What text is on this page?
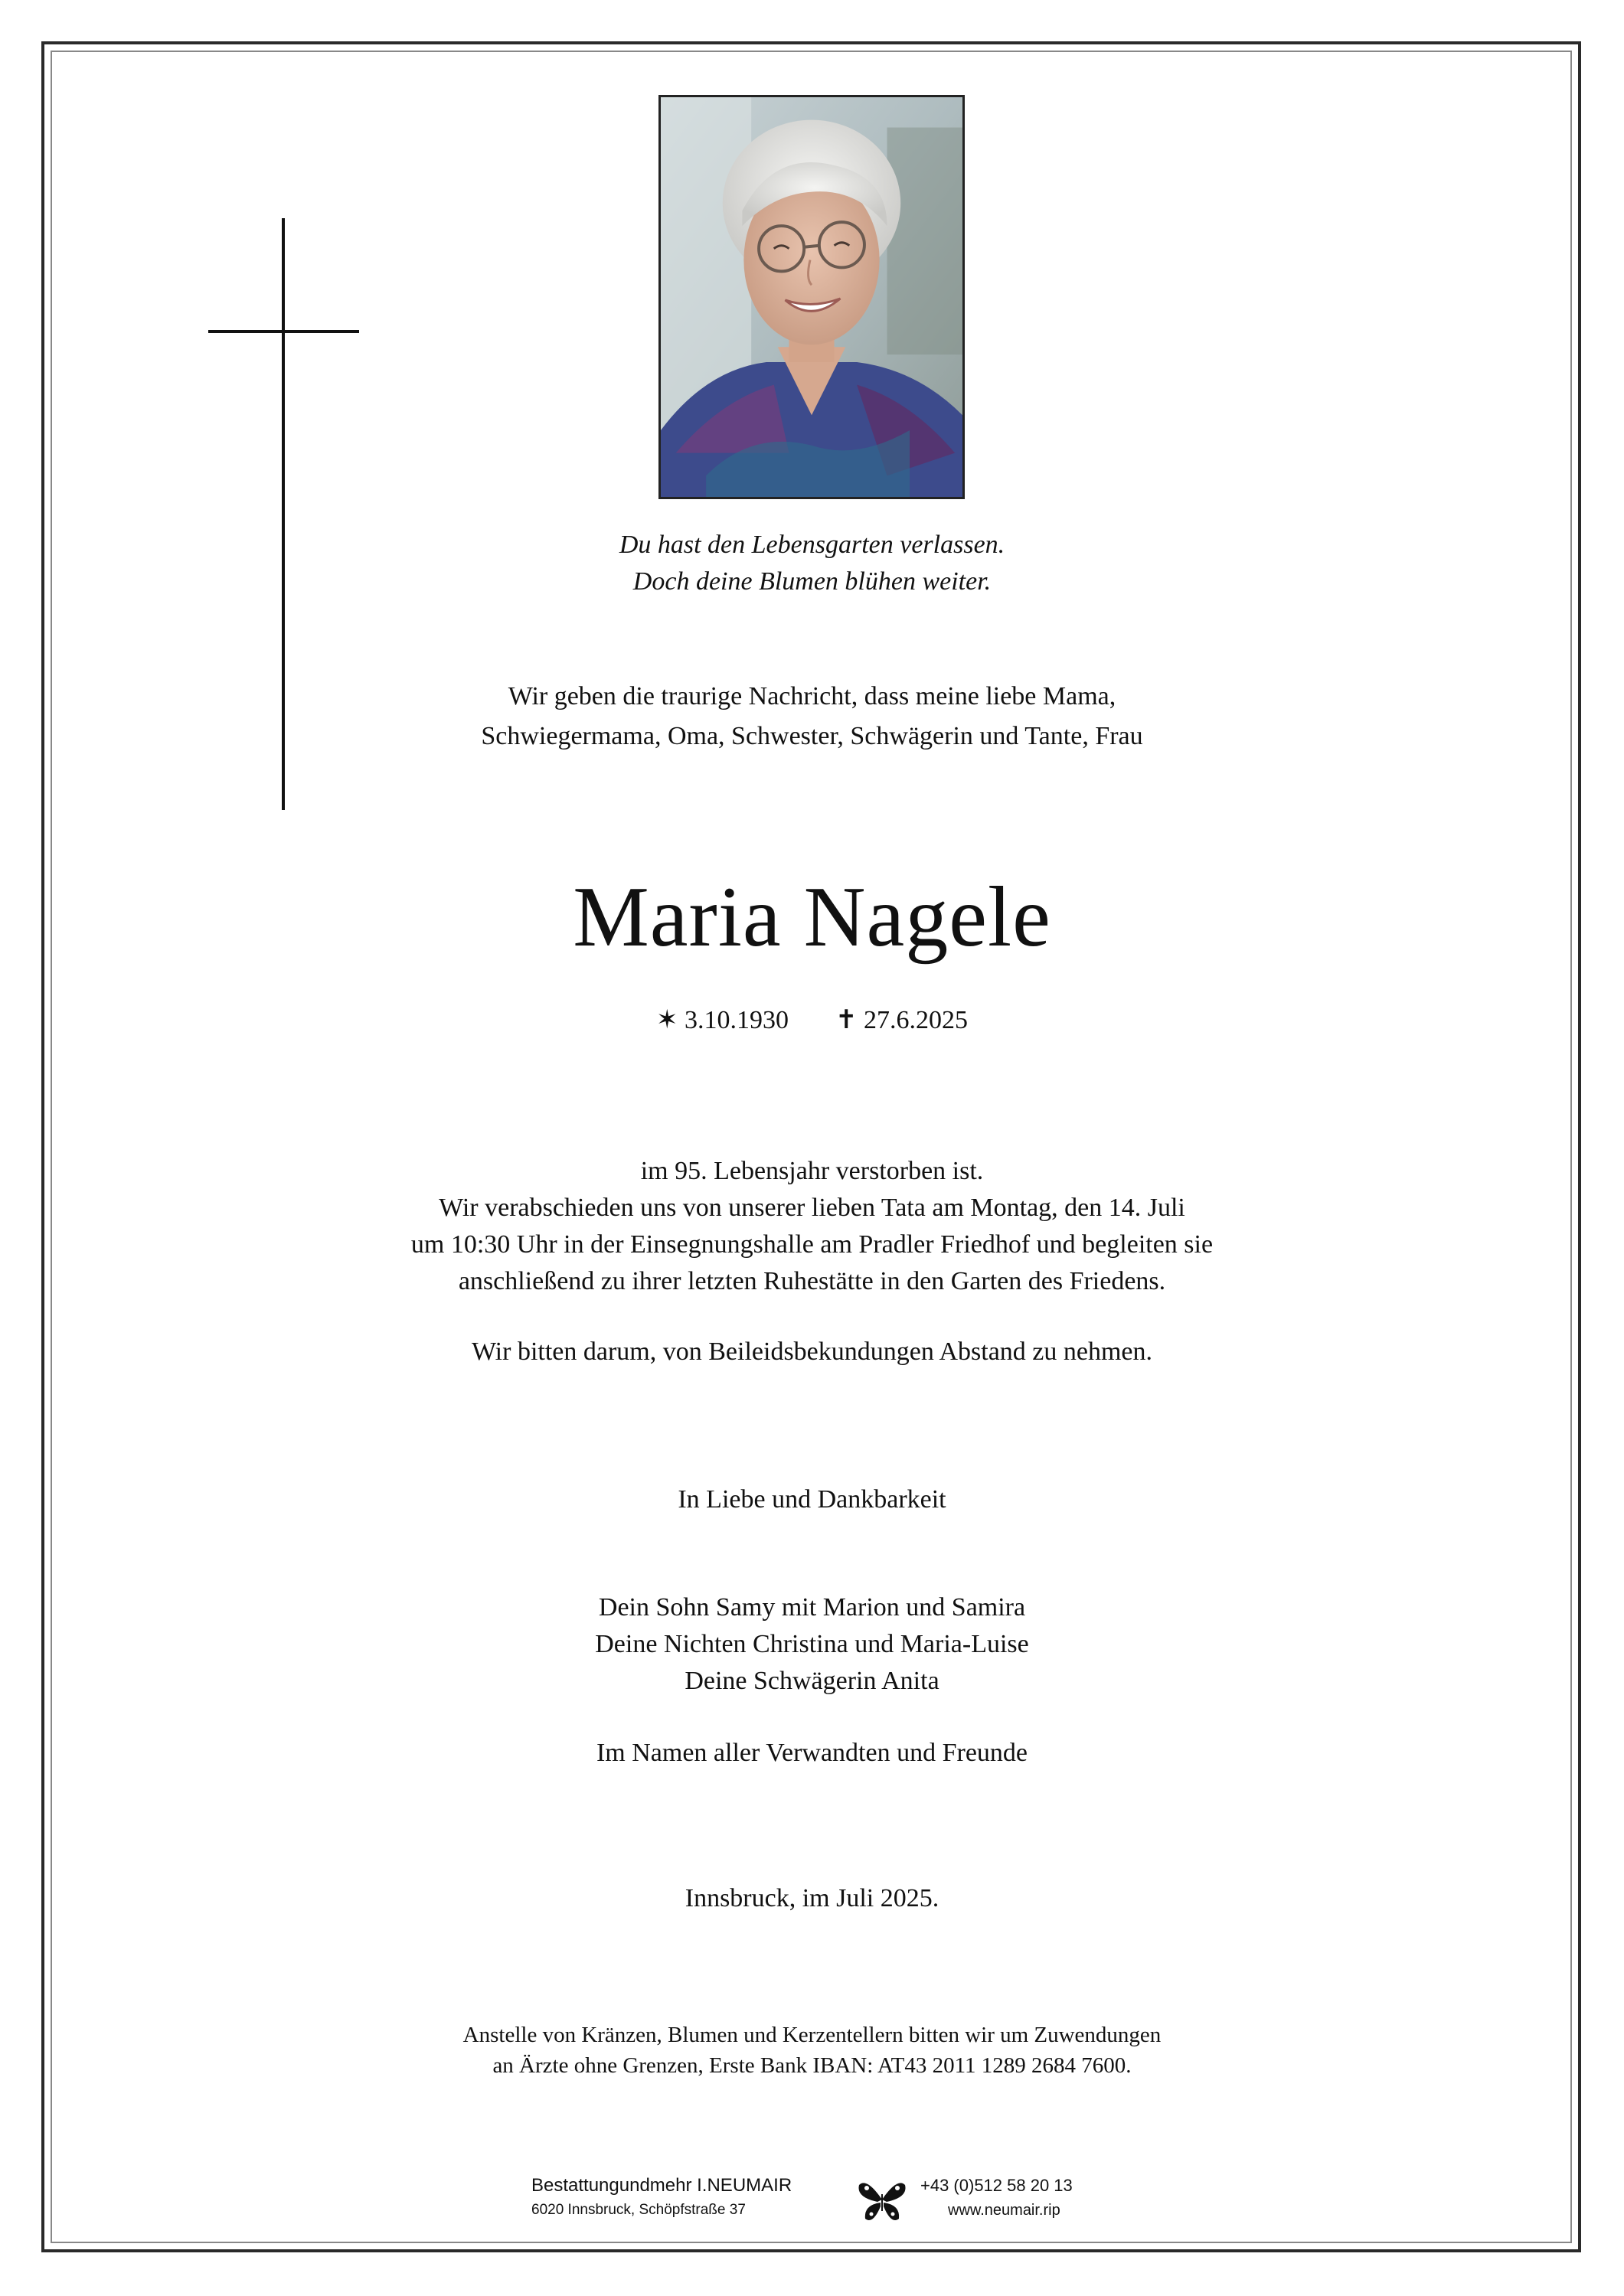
Du hast den Lebensgarten verlassen.
Doch deine Blumen blühen weiter.
Wir geben die traurige Nachricht, dass meine liebe Mama,
Schwiegermama, Oma, Schwester, Schwägerin und Tante, Frau
Maria Nagele
✶ 3.10.1930 ✝ 27.6.2025
im 95. Lebensjahr verstorben ist.
Wir verabschieden uns von unserer lieben Tata am Montag, den 14. Juli
um 10:30 Uhr in der Einsegnungshalle am Pradler Friedhof und begleiten sie
anschließend zu ihrer letzten Ruhestätte in den Garten des Friedens.
Wir bitten darum, von Beileidsbekundungen Abstand zu nehmen.
In Liebe und Dankbarkeit
Dein Sohn Samy mit Marion und Samira
Deine Nichten Christina und Maria-Luise
Deine Schwägerin Anita
Im Namen aller Verwandten und Freunde
Innsbruck, im Juli 2025.
Anstelle von Kränzen, Blumen und Kerzentellern bitten wir um Zuwendungen
an Ärzte ohne Grenzen, Erste Bank IBAN: AT43 2011 1289 2684 7600.
Bestattungundmehr I.NEUMAIR
6020 Innsbruck, Schöpfstraße 37
+43 (0)512 58 20 13
www.neumair.rip
